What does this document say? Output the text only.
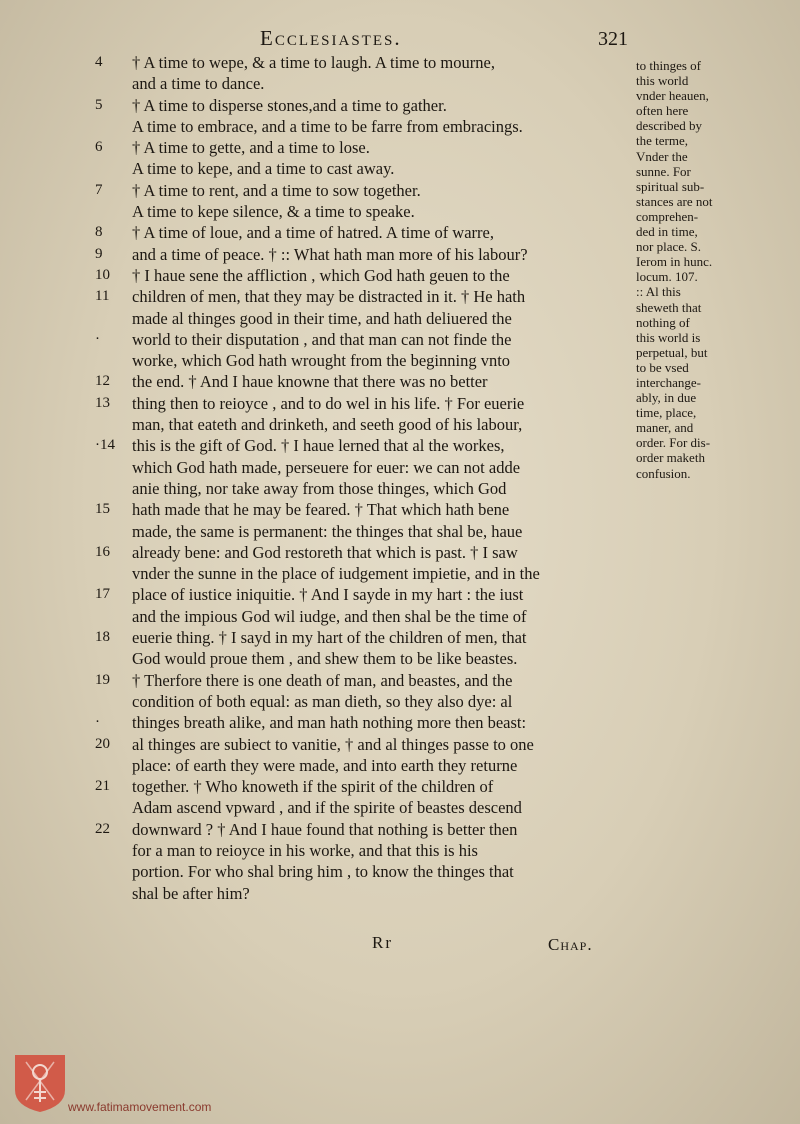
Ecclesiastes.	321
4	† A time to wepe, & a time to laugh. A time to mourne,
and a time to dance.
5	† A time to disperse stones,and a time to gather.
A time to embrace, and a time to be farre from embracings.
6	† A time to gette, and a time to lose.
A time to kepe, and a time to cast away.
7	† A time to rent, and a time to sow together.
A time to kepe silence, & a time to speake.
8	† A time of loue, and a time of hatred. A time of warre,
9	and a time of peace. † :: What hath man more of his labour?
10	† I haue sene the affliction , which God hath geuen to the
11	children of men, that they may be distracted in it. † He hath
made al thinges good in their time, and hath deliuered the
·	world to their disputation , and that man can not finde the
worke, which God hath wrought from the beginning vnto
12	the end. † And I haue knowne that there was no better
13	thing then to reioyce , and to do wel in his life. † For euerie
man, that eateth and drinketh, and seeth good of his labour,
·14	this is the gift of God. † I haue lerned that al the workes,
which God hath made, perseuere for euer: we can not adde
anie thing, nor take away from those thinges, which God
15	hath made that he may be feared. † That which hath bene
made, the same is permanent: the thinges that shal be, haue
16	already bene: and God restoreth that which is past. † I saw
vnder the sunne in the place of iudgement impietie, and in the
17	place of iustice iniquitie. † And I sayde in my hart : the iust
and the impious God wil iudge, and then shal be the time of
18	euerie thing. † I sayd in my hart of the children of men, that
God would proue them , and shew them to be like beastes.
19	† Therfore there is one death of man, and beastes, and the
condition of both equal: as man dieth, so they also dye: al
·	thinges breath alike, and man hath nothing more then beast:
20	al thinges are subiect to vanitie, † and al thinges passe to one
place: of earth they were made, and into earth they returne
21	together. † Who knoweth if the spirit of the children of
Adam ascend vpward , and if the spirite of beastes descend
22	downward ? † And I haue found that nothing is better then
for a man to reioyce in his worke, and that this is his
portion. For who shal bring him , to know the thinges that
shal be after him?
to thinges of
this world
vnder heauen,
often here
described by
the terme,
Vnder the
sunne. For
spiritual sub-
stances are not
comprehen-
ded in time,
nor place. S.
Ierom in hunc.
locum. 107.
:: Al this
sheweth that
nothing of
this world is
perpetual, but
to be vsed
interchange-
ably, in due
time, place,
maner, and
order. For dis-
order maketh
confusion.
Rr	Chap.
www.fatimamovement.com
